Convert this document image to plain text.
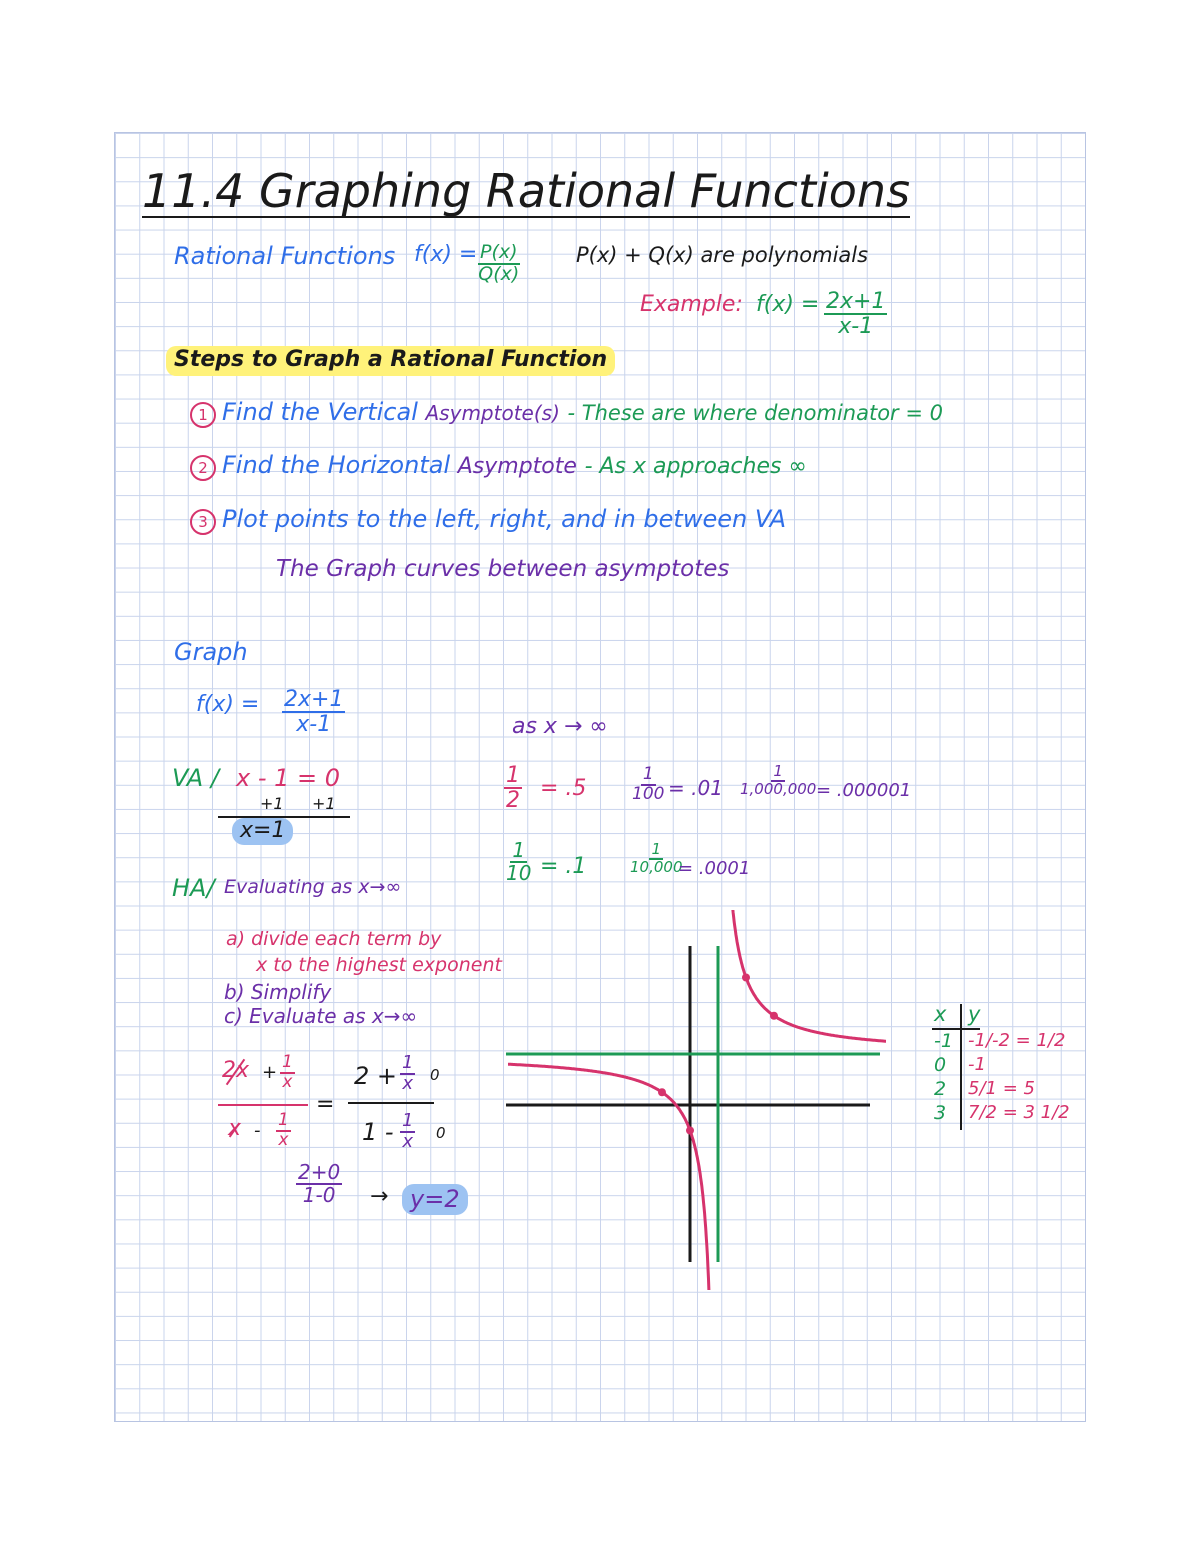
11.4 Graphing Rational Functions
Rational Functions $f(x) = \frac{P(x)}{Q(x)}$	P(x) + Q(x) are polynomials
Example: $f(x) = \frac{2x+1}{x-1}$
Steps to Graph a Rational Function
1 Find the Vertical Asymptote(s) - These are where denominator = 0
2 Find the Horizontal Asymptote - As x approaches ∞
3 Plot points to the left, right, and in between VA
The Graph curves between asymptotes
Graph
$f(x) = \frac{2x+1}{x-1}$
VA / x - 1 = 0
+1 +1
x=1
as x → ∞
$\frac{1}{2} = .5$	$\frac{1}{100} = .01 \frac{1}{1,000,000} = .000001$
$\frac{1}{10} = .1$	$\frac{1}{10,000}$
= .0001
HA/ Evaluating as x→∞
a) divide each term by
x to the highest exponent
b) Simplify
c) Evaluate as x→∞
$2x + \frac{1}{x}$
x - $\frac{1}{x}$
=
$2 + \frac{1}{x} 0$
$1 - \frac{1}{x} 0$
$\frac{2+0}{1-0} \to y=2$
x y
-1 -1/-2 = 1/2
0 -1
2 5/1 = 5
3 7/2 = 3 1/2
